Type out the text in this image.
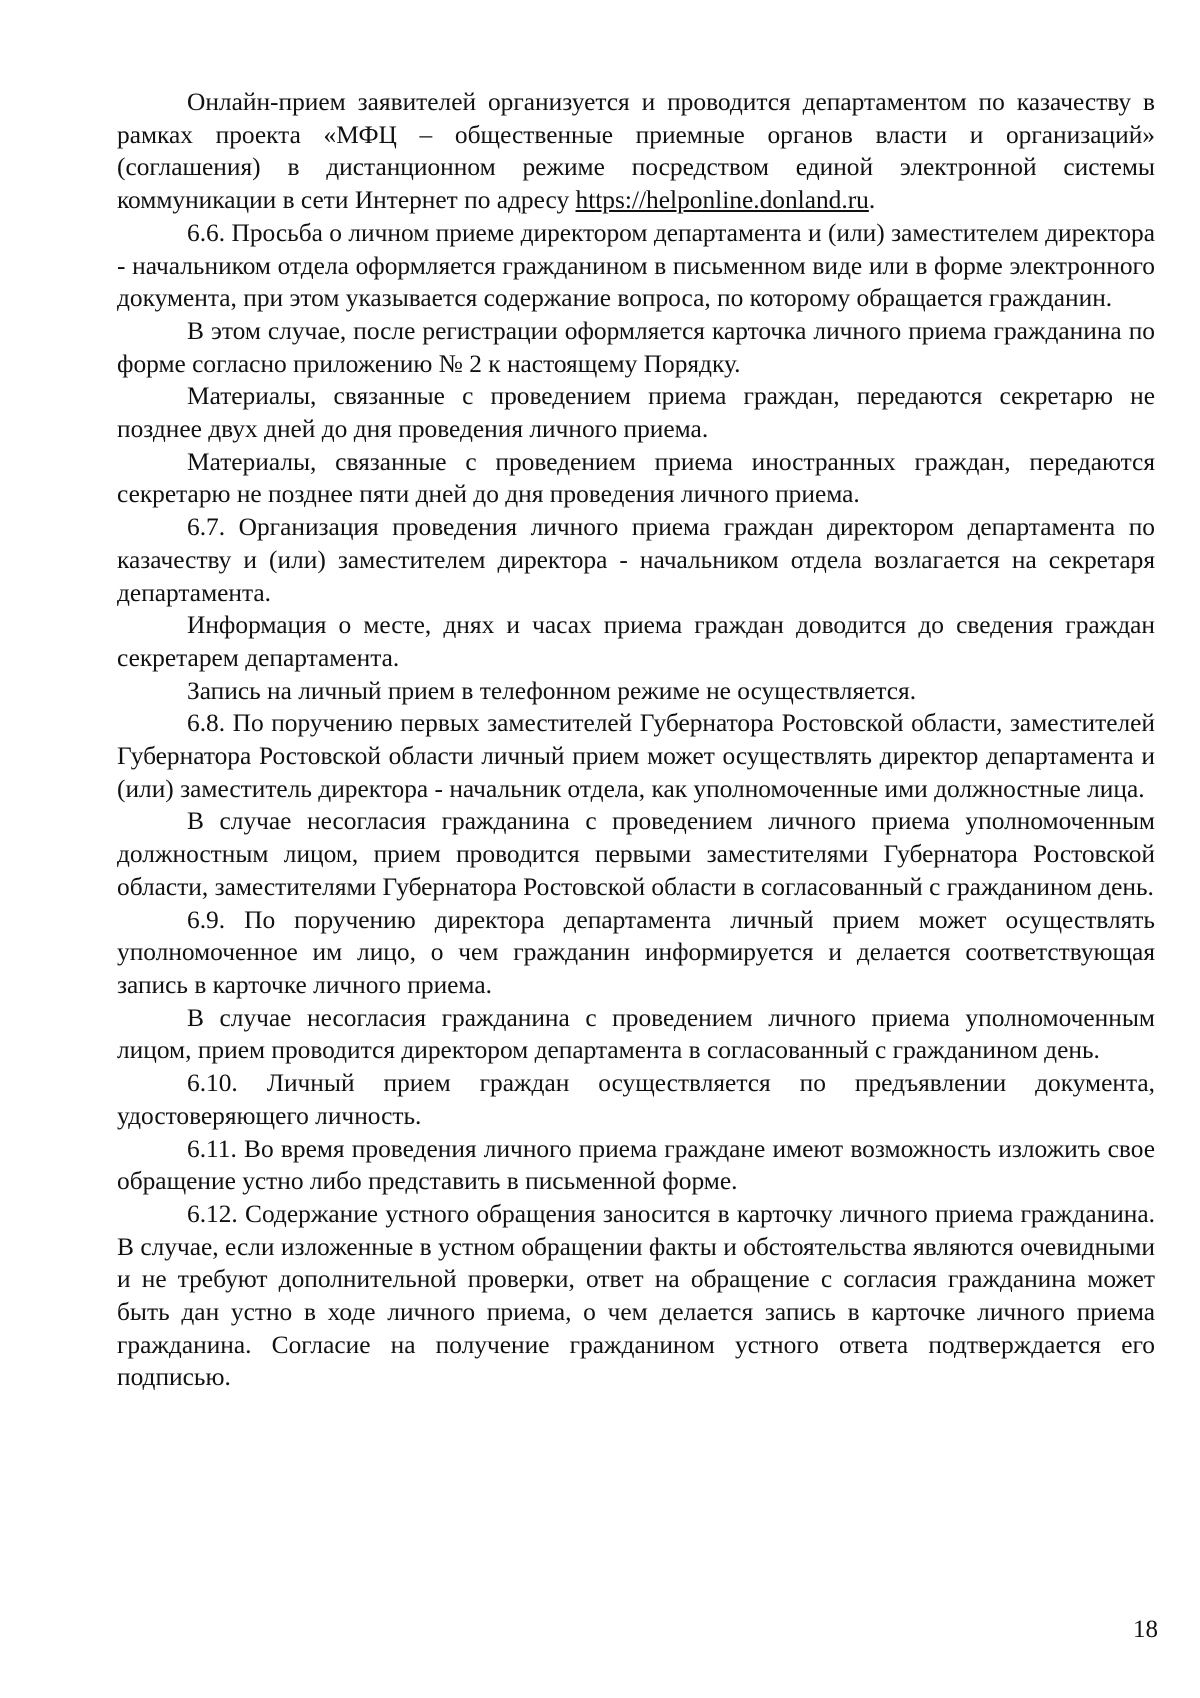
Онлайн-прием заявителей организуется и проводится департаментом по казачеству в рамках проекта «МФЦ – общественные приемные органов власти и организаций» (соглашения) в дистанционном режиме посредством единой электронной системы коммуникации в сети Интернет по адресу https://helponline.donland.ru.

6.6. Просьба о личном приеме директором департамента и (или) заместителем директора - начальником отдела оформляется гражданином в письменном виде или в форме электронного документа, при этом указывается содержание вопроса, по которому обращается гражданин.

В этом случае, после регистрации оформляется карточка личного приема гражданина по форме согласно приложению № 2 к настоящему Порядку.

Материалы, связанные с проведением приема граждан, передаются секретарю не позднее двух дней до дня проведения личного приема.

Материалы, связанные с проведением приема иностранных граждан, передаются секретарю не позднее пяти дней до дня проведения личного приема.

6.7. Организация проведения личного приема граждан директором департамента по казачеству и (или) заместителем директора - начальником отдела возлагается на секретаря департамента.

Информация о месте, днях и часах приема граждан доводится до сведения граждан секретарем департамента.

Запись на личный прием в телефонном режиме не осуществляется.

6.8. По поручению первых заместителей Губернатора Ростовской области, заместителей Губернатора Ростовской области личный прием может осуществлять директор департамента и (или) заместитель директора - начальник отдела, как уполномоченные ими должностные лица.

В случае несогласия гражданина с проведением личного приема уполномоченным должностным лицом, прием проводится первыми заместителями Губернатора Ростовской области, заместителями Губернатора Ростовской области в согласованный с гражданином день.

6.9. По поручению директора департамента личный прием может осуществлять уполномоченное им лицо, о чем гражданин информируется и делается соответствующая запись в карточке личного приема.

В случае несогласия гражданина с проведением личного приема уполномоченным лицом, прием проводится директором департамента в согласованный с гражданином день.

6.10. Личный прием граждан осуществляется по предъявлении документа, удостоверяющего личность.

6.11. Во время проведения личного приема граждане имеют возможность изложить свое обращение устно либо представить в письменной форме.

6.12. Содержание устного обращения заносится в карточку личного приема гражданина. В случае, если изложенные в устном обращении факты и обстоятельства являются очевидными и не требуют дополнительной проверки, ответ на обращение с согласия гражданина может быть дан устно в ходе личного приема, о чем делается запись в карточке личного приема гражданина. Согласие на получение гражданином устного ответа подтверждается его подписью.

18
